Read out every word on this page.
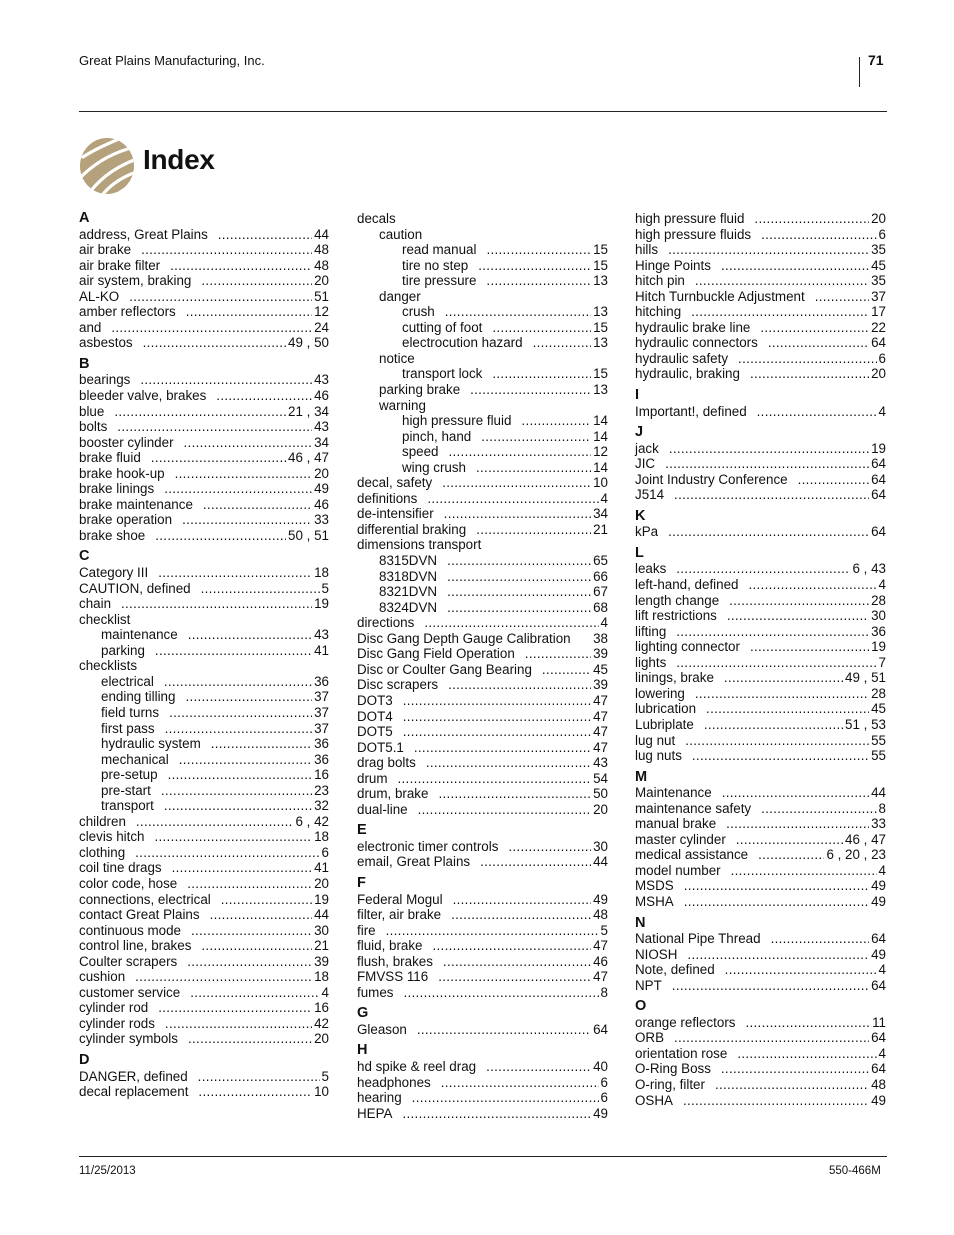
Great Plains Manufacturing, Inc.	71
Index
A
address, Great Plains .....	44
air brake .....	48
air brake filter .....	48
air system, braking .....	20
AL-KO .....	51
amber reflectors .....	12
and .....	24
asbestos .....	49 , 50
B
bearings .....	43
bleeder valve, brakes .....	46
blue .....	21 , 34
bolts .....	43
booster cylinder .....	34
brake fluid .....	46 , 47
brake hook-up .....	20
brake linings .....	49
brake maintenance .....	46
brake operation .....	33
brake shoe .....	50 , 51
C
Category III .....	18
CAUTION, defined .....	5
chain .....	19
checklist
maintenance .....	43
parking .....	41
checklists
electrical .....	36
ending tilling .....	37
field turns .....	37
first pass .....	37
hydraulic system .....	36
mechanical .....	36
pre-setup .....	16
pre-start .....	23
transport .....	32
children .....	6 , 42
clevis hitch .....	18
clothing .....	6
coil tine drags .....	41
color code, hose .....	20
connections, electrical .....	19
contact Great Plains .....	44
continuous mode .....	30
control line, brakes .....	21
Coulter scrapers .....	39
cushion .....	18
customer service .....	4
cylinder rod .....	16
cylinder rods .....	42
cylinder symbols .....	20
D
DANGER, defined .....	5
decal replacement .....	10
decals
caution
read manual .....	15
tire no step .....	15
tire pressure .....	13
danger
crush .....	13
cutting of foot .....	15
electrocution hazard .....	13
notice
transport lock .....	15
parking brake .....	13
warning
high pressure fluid .....	14
pinch, hand .....	14
speed .....	12
wing crush .....	14
decal, safety .....	10
definitions .....	4
de-intensifier .....	34
differential braking .....	21
dimensions transport
8315DVN .....	65
8318DVN .....	66
8321DVN .....	67
8324DVN .....	68
directions .....	4
Disc Gang Depth Gauge Calibration 38
Disc Gang Field Operation .....	39
Disc or Coulter Gang Bearing .....	45
Disc scrapers .....	39
DOT3 .....	47
DOT4 .....	47
DOT5 .....	47
DOT5.1 .....	47
drag bolts .....	43
drum .....	54
drum, brake .....	50
dual-line .....	20
E
electronic timer controls .....	30
email, Great Plains .....	44
F
Federal Mogul .....	49
filter, air brake .....	48
fire .....	5
fluid, brake .....	47
flush, brakes .....	46
FMVSS 116 .....	47
fumes .....	8
G
Gleason .....	64
H
hd spike & reel drag .....	40
headphones .....	6
hearing .....	6
HEPA .....	49
high pressure fluid .....	20
high pressure fluids .....	6
hills .....	35
Hinge Points .....	45
hitch pin .....	35
Hitch Turnbuckle Adjustment .....	37
hitching .....	17
hydraulic brake line .....	22
hydraulic connectors .....	64
hydraulic safety .....	6
hydraulic, braking .....	20
I
Important!, defined .....	4
J
jack .....	19
JIC .....	64
Joint Industry Conference .....	64
J514 .....	64
K
kPa .....	64
L
leaks .....	6 , 43
left-hand, defined .....	4
length change .....	28
lift restrictions .....	30
lifting .....	36
lighting connector .....	19
lights .....	7
linings, brake .....	49 , 51
lowering .....	28
lubrication .....	45
Lubriplate .....	51 , 53
lug nut .....	55
lug nuts .....	55
M
Maintenance .....	44
maintenance safety .....	8
manual brake .....	33
master cylinder .....	46 , 47
medical assistance .....	6 , 20 , 23
model number .....	4
MSDS .....	49
MSHA .....	49
N
National Pipe Thread .....	64
NIOSH .....	49
Note, defined .....	4
NPT .....	64
O
orange reflectors .....	11
ORB .....	64
orientation rose .....	4
O-Ring Boss .....	64
O-ring, filter .....	48
OSHA .....	49
11/25/2013	550-466M
